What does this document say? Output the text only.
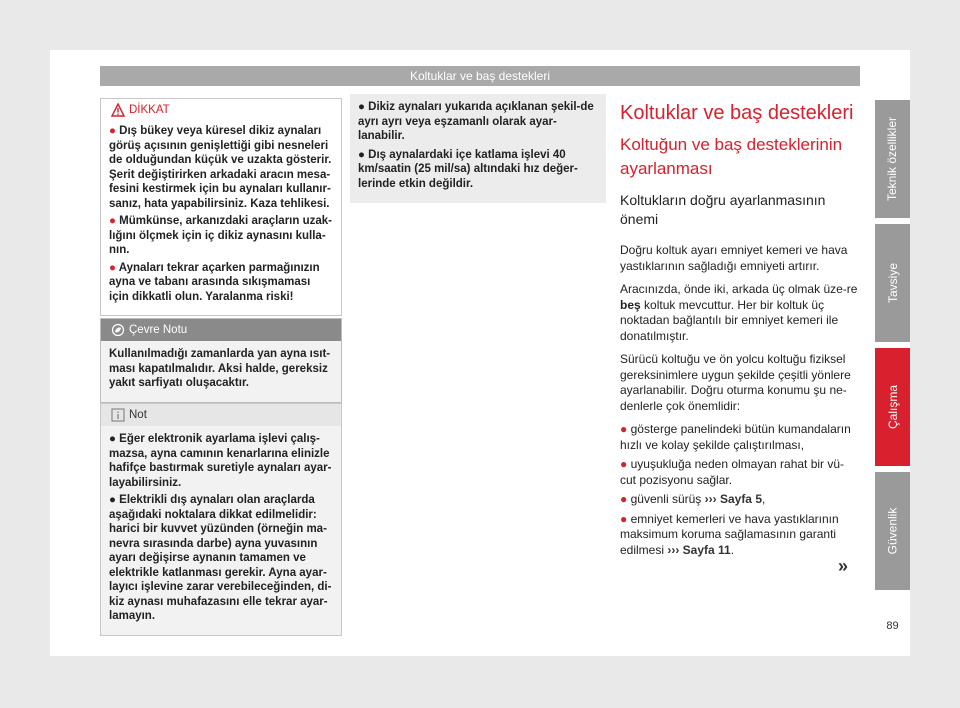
Koltuklar ve baş destekleri
DİKKAT

● Dış bükey veya küresel dikiz aynaları görüş açısının genişlettiği gibi nesneleri de olduğundan küçük ve uzakta gösterir. Şerit değiştirirken arkadaki aracın mesa-fesini kestirmek için bu aynaları kullanır-sanız, hata yapabilirsiniz. Kaza tehlikesi.

● Mümkünse, arkanızdaki araçların uzak-lığını ölçmek için iç dikiz aynasını kulla-nın.

● Aynaları tekrar açarken parmağınızın ayna ve tabanı arasında sıkışmaması için dikkatli olun. Yaralanma riski!

Çevre Notu

Kullanılmadığı zamanlarda yan ayna ısıt-ması kapatılmalıdır. Aksi halde, gereksiz yakıt sarfiyatı oluşacaktır.

Not

● Eğer elektronik ayarlama işlevi çalış-mazsa, ayna camının kenarlarına elinizle hafifçe bastırmak suretiyle aynaları ayar-layabilirsiniz.

● Elektrikli dış aynaları olan araçlarda aşağıdaki noktalara dikkat edilmelidir: harici bir kuvvet yüzünden (örneğin ma-nevra sırasında darbe) ayna yuvasının ayarı değişirse aynanın tamamen ve elektrikle katlanması gerekir. Ayna ayar-layıcı işlevine zarar verebileceğinden, di-kiz aynası muhafazasını elle tekrar ayar-lamayın.

● Dikiz aynaları yukarıda açıklanan şekil-de ayrı ayrı veya eşzamanlı olarak ayar-lanabilir.

● Dış aynalardaki içe katlama işlevi 40 km/saatin (25 mil/sa) altındaki hız değer-lerinde etkin değildir.

Koltuklar ve baş destekleri
Koltuğun ve baş desteklerinin ayarlanması
Koltukların doğru ayarlanmasının önemi

Doğru koltuk ayarı emniyet kemeri ve hava yastıklarının sağladığı emniyeti artırır.

Aracınızda, önde iki, arkada üç olmak üze-re beş koltuk mevcuttur. Her bir koltuk üç noktadan bağlantılı bir emniyet kemeri ile donatılmıştır.

Sürücü koltuğu ve ön yolcu koltuğu fiziksel gereksinimlere uygun şekilde çeşitli yönlere ayarlanabilir. Doğru oturma konumu şu ne-denlerle çok önemlidir:

● gösterge panelindeki bütün kumandaların hızlı ve kolay şekilde çalıştırılması,

● uyuşukluğa neden olmayan rahat bir vü-cut pozisyonu sağlar.

● güvenli sürüş ››› Sayfa 5,

● emniyet kemerleri ve hava yastıklarının maksimum koruma sağlamasının garanti edilmesi ››› Sayfa 11.

»
Teknik özellikler
Tavsiye
Çalışma
Güvenlik
89
